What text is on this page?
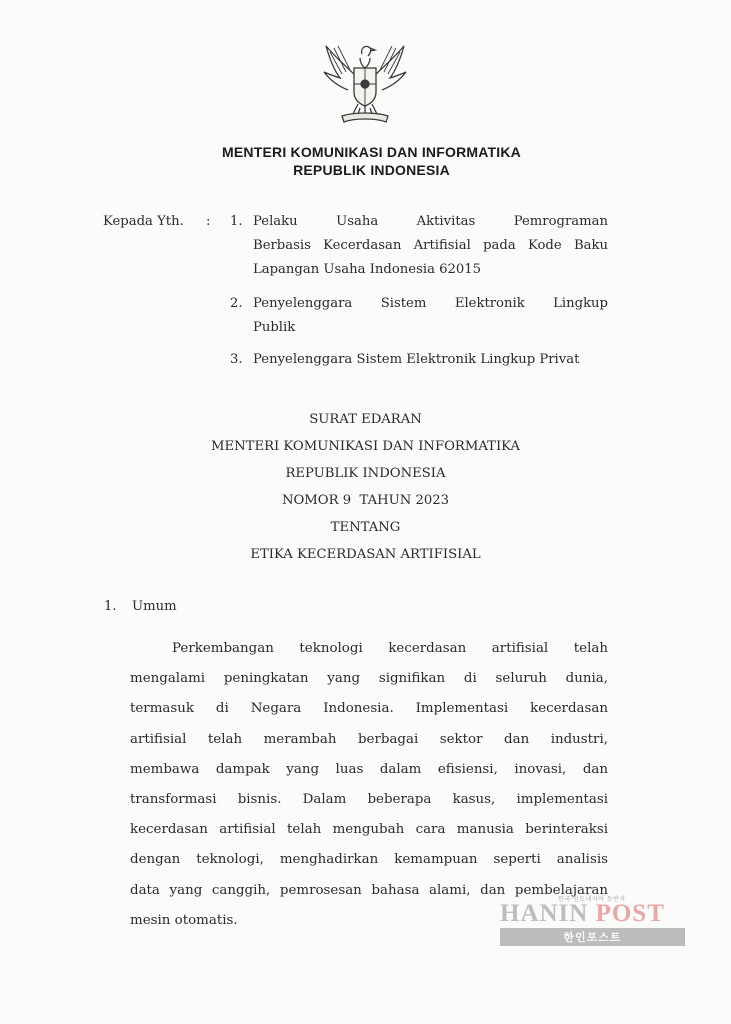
MENTERI KOMUNIKASI DAN INFORMATIKA
REPUBLIK INDONESIA
Kepada Yth. : 1. Pelaku Usaha Aktivitas Pemrograman
Berbasis Kecerdasan Artifisial pada Kode Baku
Lapangan Usaha Indonesia 62015
2. Penyelenggara Sistem Elektronik Lingkup
Publik
3. Penyelenggara Sistem Elektronik Lingkup Privat
SURAT EDARAN
MENTERI KOMUNIKASI DAN INFORMATIKA
REPUBLIK INDONESIA
NOMOR 9  TAHUN 2023
TENTANG
ETIKA KECERDASAN ARTIFISIAL
1. Umum
Perkembangan teknologi kecerdasan artifisial telah
mengalami peningkatan yang signifikan di seluruh dunia,
termasuk di Negara Indonesia. Implementasi kecerdasan
artifisial telah merambah berbagai sektor dan industri,
membawa dampak yang luas dalam efisiensi, inovasi, dan
transformasi bisnis. Dalam beberapa kasus, implementasi
kecerdasan artifisial telah mengubah cara manusia berinteraksi
dengan teknologi, menghadirkan kemampuan seperti analisis
data yang canggih, pemrosesan bahasa alami, dan pembelajaran
mesin otomatis.
한국·인도네시아 동반자
HANIN POST
한인포스트
